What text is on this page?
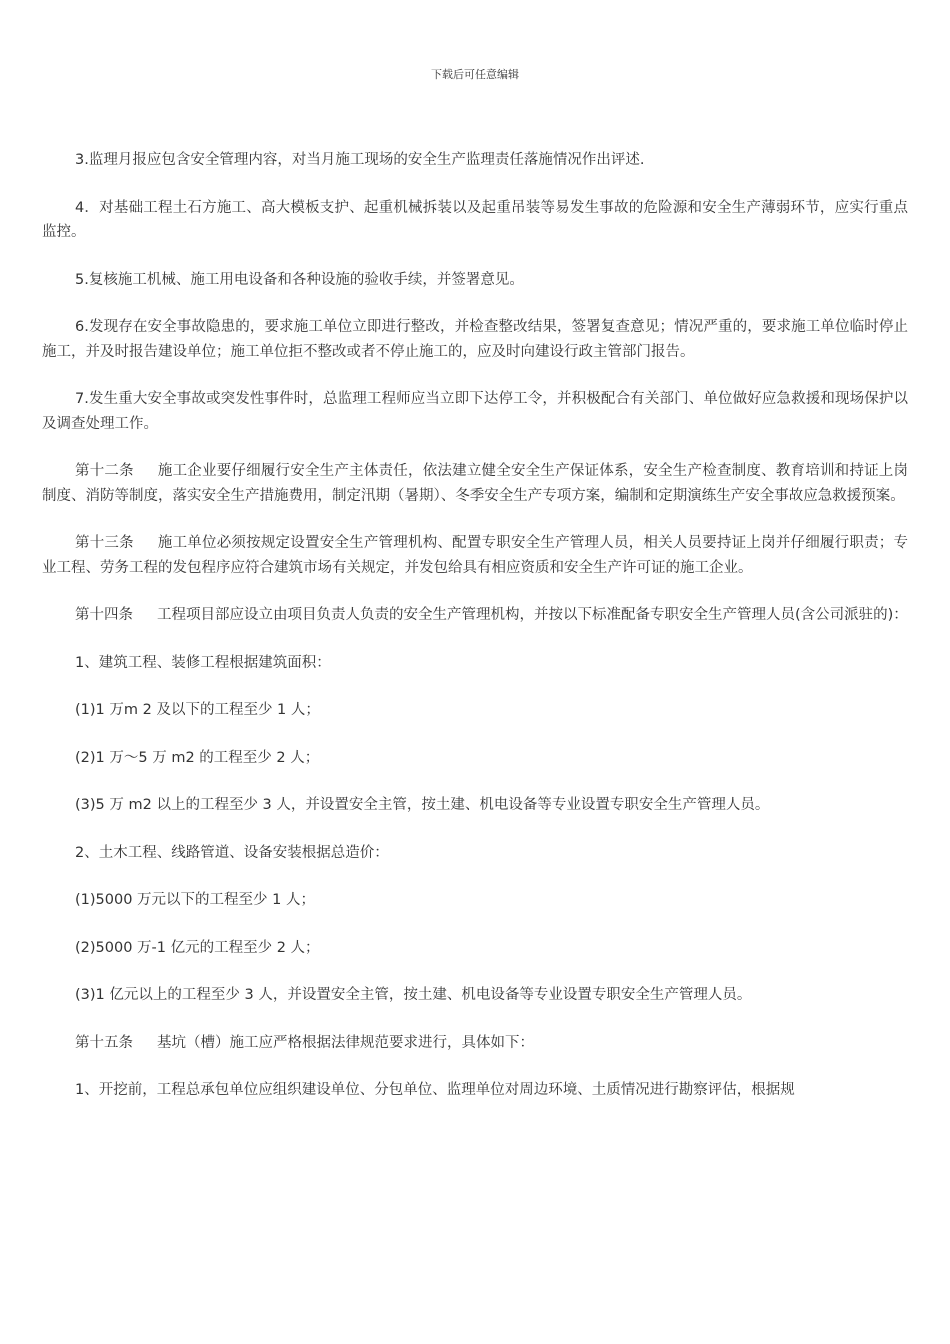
下载后可任意编辑

3.监理月报应包含安全管理内容，对当月施工现场的安全生产监理责任落施情况作出评述.

4．对基础工程土石方施工、高大模板支护、起重机械拆装以及起重吊装等易发生事故的危险源和安全生产薄弱环节，应实行重点监控。

5.复核施工机械、施工用电设备和各种设施的验收手续，并签署意见。

6.发现存在安全事故隐患的，要求施工单位立即进行整改，并检查整改结果，签署复查意见；情况严重的，要求施工单位临时停止施工，并及时报告建设单位；施工单位拒不整改或者不停止施工的，应及时向建设行政主管部门报告。

7.发生重大安全事故或突发性事件时，总监理工程师应当立即下达停工令，并积极配合有关部门、单位做好应急救援和现场保护以及调查处理工作。

第十二条 施工企业要仔细履行安全生产主体责任，依法建立健全安全生产保证体系，安全生产检查制度、教育培训和持证上岗制度、消防等制度，落实安全生产措施费用，制定汛期（暑期）、冬季安全生产专项方案，编制和定期演练生产安全事故应急救援预案。

第十三条 施工单位必须按规定设置安全生产管理机构、配置专职安全生产管理人员，相关人员要持证上岗并仔细履行职责；专业工程、劳务工程的发包程序应符合建筑市场有关规定，并发包给具有相应资质和安全生产许可证的施工企业。

第十四条 工程项目部应设立由项目负责人负责的安全生产管理机构，并按以下标准配备专职安全生产管理人员(含公司派驻的)：

1、建筑工程、装修工程根据建筑面积：

(1)1 万m 2 及以下的工程至少 1 人；

(2)1 万～5 万 m2 的工程至少 2 人；

(3)5 万 m2 以上的工程至少 3 人，并设置安全主管，按土建、机电设备等专业设置专职安全生产管理人员。

2、土木工程、线路管道、设备安装根据总造价：

(1)5000 万元以下的工程至少 1 人；

(2)5000 万-1 亿元的工程至少 2 人；

(3)1 亿元以上的工程至少 3 人，并设置安全主管，按土建、机电设备等专业设置专职安全生产管理人员。

第十五条 基坑（槽）施工应严格根据法律规范要求进行，具体如下：

1、开挖前，工程总承包单位应组织建设单位、分包单位、监理单位对周边环境、土质情况进行勘察评估，根据规
